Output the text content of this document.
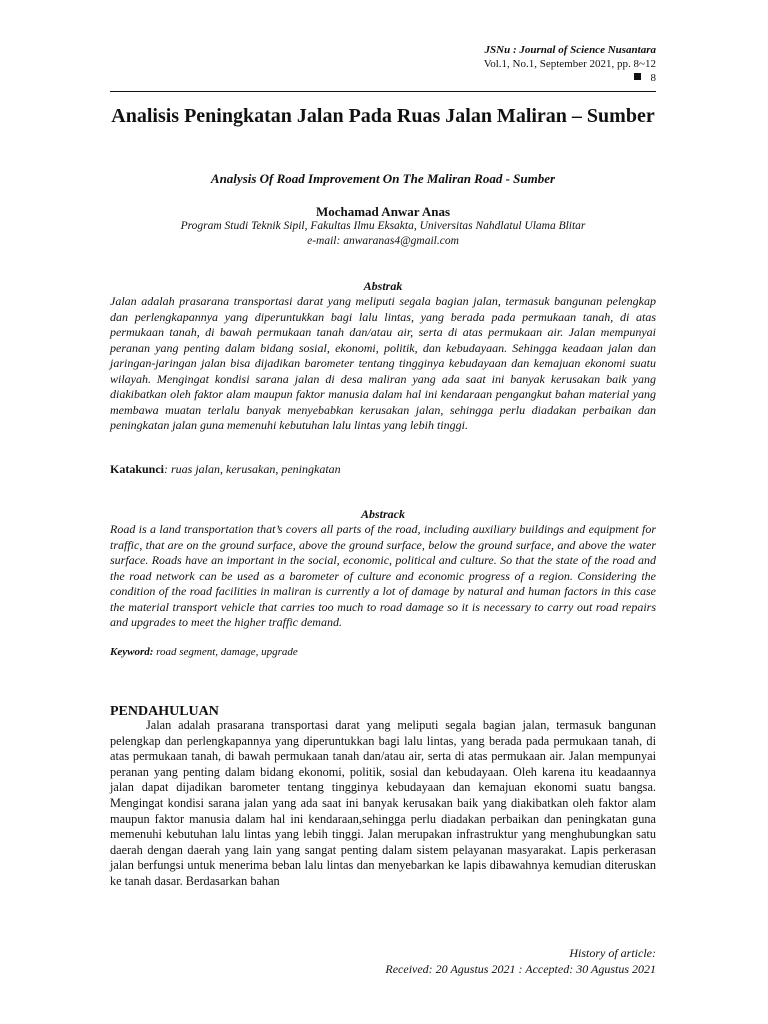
JSNu : Journal of Science Nusantara
Vol.1, No.1, September 2021, pp. 8~12
8
Analisis Peningkatan Jalan Pada Ruas Jalan Maliran – Sumber
Analysis Of Road Improvement On The Maliran Road - Sumber
Mochamad Anwar Anas
Program Studi Teknik Sipil, Fakultas Ilmu Eksakta, Universitas Nahdlatul Ulama Blitar
e-mail: anwaranas4@gmail.com
Abstrak
Jalan adalah prasarana transportasi darat yang meliputi segala bagian jalan, termasuk bangunan pelengkap dan perlengkapannya yang diperuntukkan bagi lalu lintas, yang berada pada permukaan tanah, di atas permukaan tanah, di bawah permukaan tanah dan/atau air, serta di atas permukaan air. Jalan mempunyai peranan yang penting dalam bidang sosial, ekonomi, politik, dan kebudayaan. Sehingga keadaan jalan dan jaringan-jaringan jalan bisa dijadikan barometer tentang tingginya kebudayaan dan kemajuan ekonomi suatu wilayah. Mengingat kondisi sarana jalan di desa maliran yang ada saat ini banyak kerusakan baik yang diakibatkan oleh faktor alam maupun faktor manusia dalam hal ini kendaraan pengangkut bahan material yang membawa muatan terlalu banyak menyebabkan kerusakan jalan, sehingga perlu diadakan perbaikan dan peningkatan jalan guna memenuhi kebutuhan lalu lintas yang lebih tinggi.
Katakunci: ruas jalan, kerusakan, peningkatan
Abstrack
Road is a land transportation that’s covers all parts of the road, including auxiliary buildings and equipment for traffic, that are on the ground surface, above the ground surface, below the ground surface, and above the water surface. Roads have an important in the social, economic, political and culture. So that the state of the road and the road network can be used as a barometer of culture and economic progress of a region. Considering the condition of the road facilities in maliran is currently a lot of damage by natural and human factors in this case the material transport vehicle that carries too much to road damage so it is necessary to carry out road repairs and upgrades to meet the higher traffic demand.
Keyword: road segment, damage, upgrade
PENDAHULUAN
Jalan adalah prasarana transportasi darat yang meliputi segala bagian jalan, termasuk bangunan pelengkap dan perlengkapannya yang diperuntukkan bagi lalu lintas, yang berada pada permukaan tanah, di atas permukaan tanah, di bawah permukaan tanah dan/atau air, serta di atas permukaan air. Jalan mempunyai peranan yang penting dalam bidang ekonomi, politik, sosial dan kebudayaan. Oleh karena itu keadaannya jalan dapat dijadikan barometer tentang tingginya kebudayaan dan kemajuan ekonomi suatu bangsa. Mengingat kondisi sarana jalan yang ada saat ini banyak kerusakan baik yang diakibatkan oleh faktor alam maupun faktor manusia dalam hal ini kendaraan,sehingga perlu diadakan perbaikan dan peningkatan guna memenuhi kebutuhan lalu lintas yang lebih tinggi. Jalan merupakan infrastruktur yang menghubungkan satu daerah dengan daerah yang lain yang sangat penting dalam sistem pelayanan masyarakat. Lapis perkerasan jalan berfungsi untuk menerima beban lalu lintas dan menyebarkan ke lapis dibawahnya kemudian diteruskan ke tanah dasar. Berdasarkan bahan
History of article:
Received: 20 Agustus 2021 : Accepted: 30 Agustus 2021
